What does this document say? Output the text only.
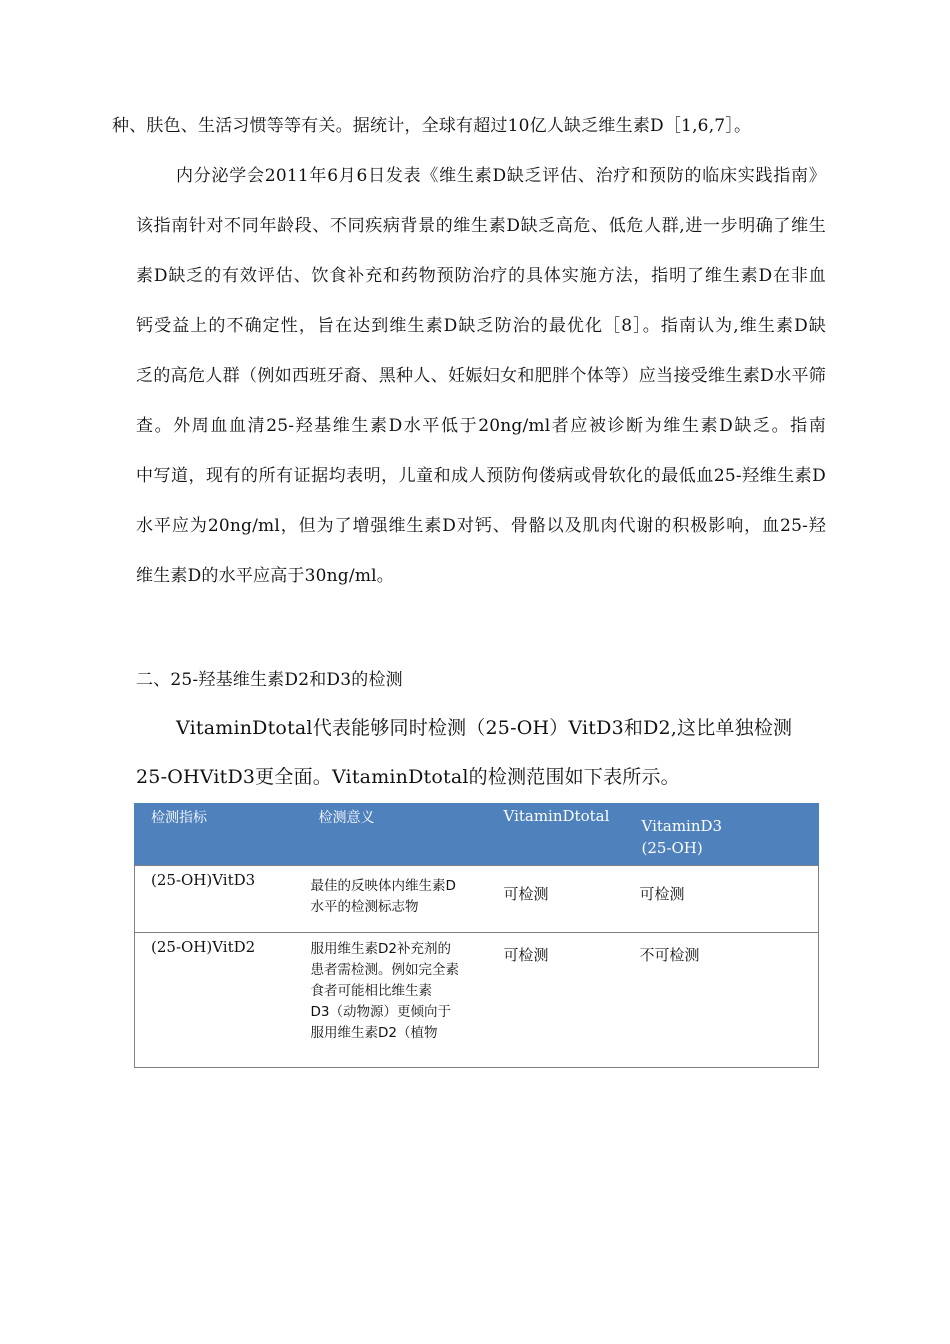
种、肤色、生活习惯等等有关。据统计，全球有超过10亿人缺乏维生素D［1,6,7］。
内分泌学会2011年6月6日发表《维生素D缺乏评估、治疗和预防的临床实践指南》
该指南针对不同年龄段、不同疾病背景的维生素D缺乏高危、低危人群,进一步明确了维生
素D缺乏的有效评估、饮食补充和药物预防治疗的具体实施方法，指明了维生素D在非血
钙受益上的不确定性，旨在达到维生素D缺乏防治的最优化［8］。指南认为,维生素D缺
乏的高危人群（例如西班牙裔、黑种人、妊娠妇女和肥胖个体等）应当接受维生素D水平筛
查。外周血血清25-羟基维生素D水平低于20ng/ml者应被诊断为维生素D缺乏。指南
中写道，现有的所有证据均表明，儿童和成人预防佝偻病或骨软化的最低血25-羟维生素D
水平应为20ng/ml，但为了增强维生素D对钙、骨骼以及肌肉代谢的积极影响，血25-羟
维生素D的水平应高于30ng/ml。
二、25-羟基维生素D2和D3的检测
VitaminDtotal代表能够同时检测（25-OH）VitD3和D2,这比单独检测
25-OHVitD3更全面。VitaminDtotal的检测范围如下表所示。
检测指标	检测意义	VitaminDtotal	VitaminD3
(25-OH)

(25-OH)VitD3	最佳的反映体内维生素D
水平的检测标志物	可检测	可检测
(25-OH)VitD2	服用维生素D2补充剂的
患者需检测。例如完全素
食者可能相比维生素
D3（动物源）更倾向于
服用维生素D2（植物	可检测	不可检测
